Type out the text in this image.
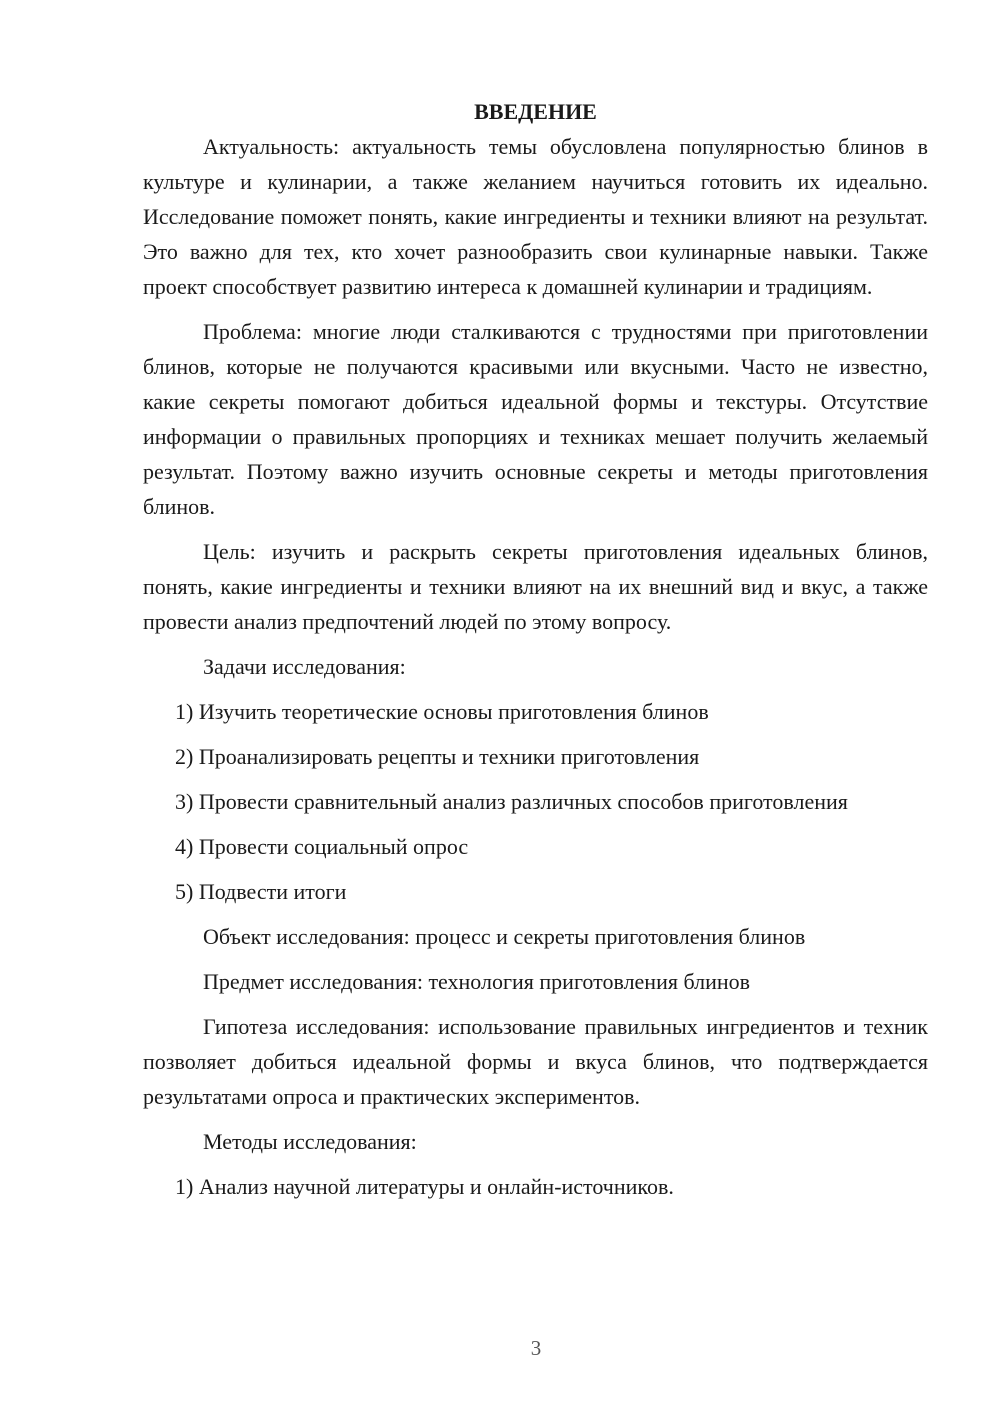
ВВЕДЕНИЕ

Актуальность: актуальность темы обусловлена популярностью блинов в культуре и кулинарии, а также желанием научиться готовить их идеально. Исследование поможет понять, какие ингредиенты и техники влияют на результат. Это важно для тех, кто хочет разнообразить свои кулинарные навыки. Также проект способствует развитию интереса к домашней кулинарии и традициям.

Проблема: многие люди сталкиваются с трудностями при приготовлении блинов, которые не получаются красивыми или вкусными. Часто не известно, какие секреты помогают добиться идеальной формы и текстуры. Отсутствие информации о правильных пропорциях и техниках мешает получить желаемый результат. Поэтому важно изучить основные секреты и методы приготовления блинов.

Цель: изучить и раскрыть секреты приготовления идеальных блинов, понять, какие ингредиенты и техники влияют на их внешний вид и вкус, а также провести анализ предпочтений людей по этому вопросу.

Задачи исследования:

1) Изучить теоретические основы приготовления блинов

2) Проанализировать рецепты и техники приготовления

3) Провести сравнительный анализ различных способов приготовления

4) Провести социальный опрос

5) Подвести итоги

Объект исследования: процесс и секреты приготовления блинов

Предмет исследования: технология приготовления блинов

Гипотеза исследования: использование правильных ингредиентов и техник позволяет добиться идеальной формы и вкуса блинов, что подтверждается результатами опроса и практических экспериментов.

Методы исследования:

1) Анализ научной литературы и онлайн-источников.

3
